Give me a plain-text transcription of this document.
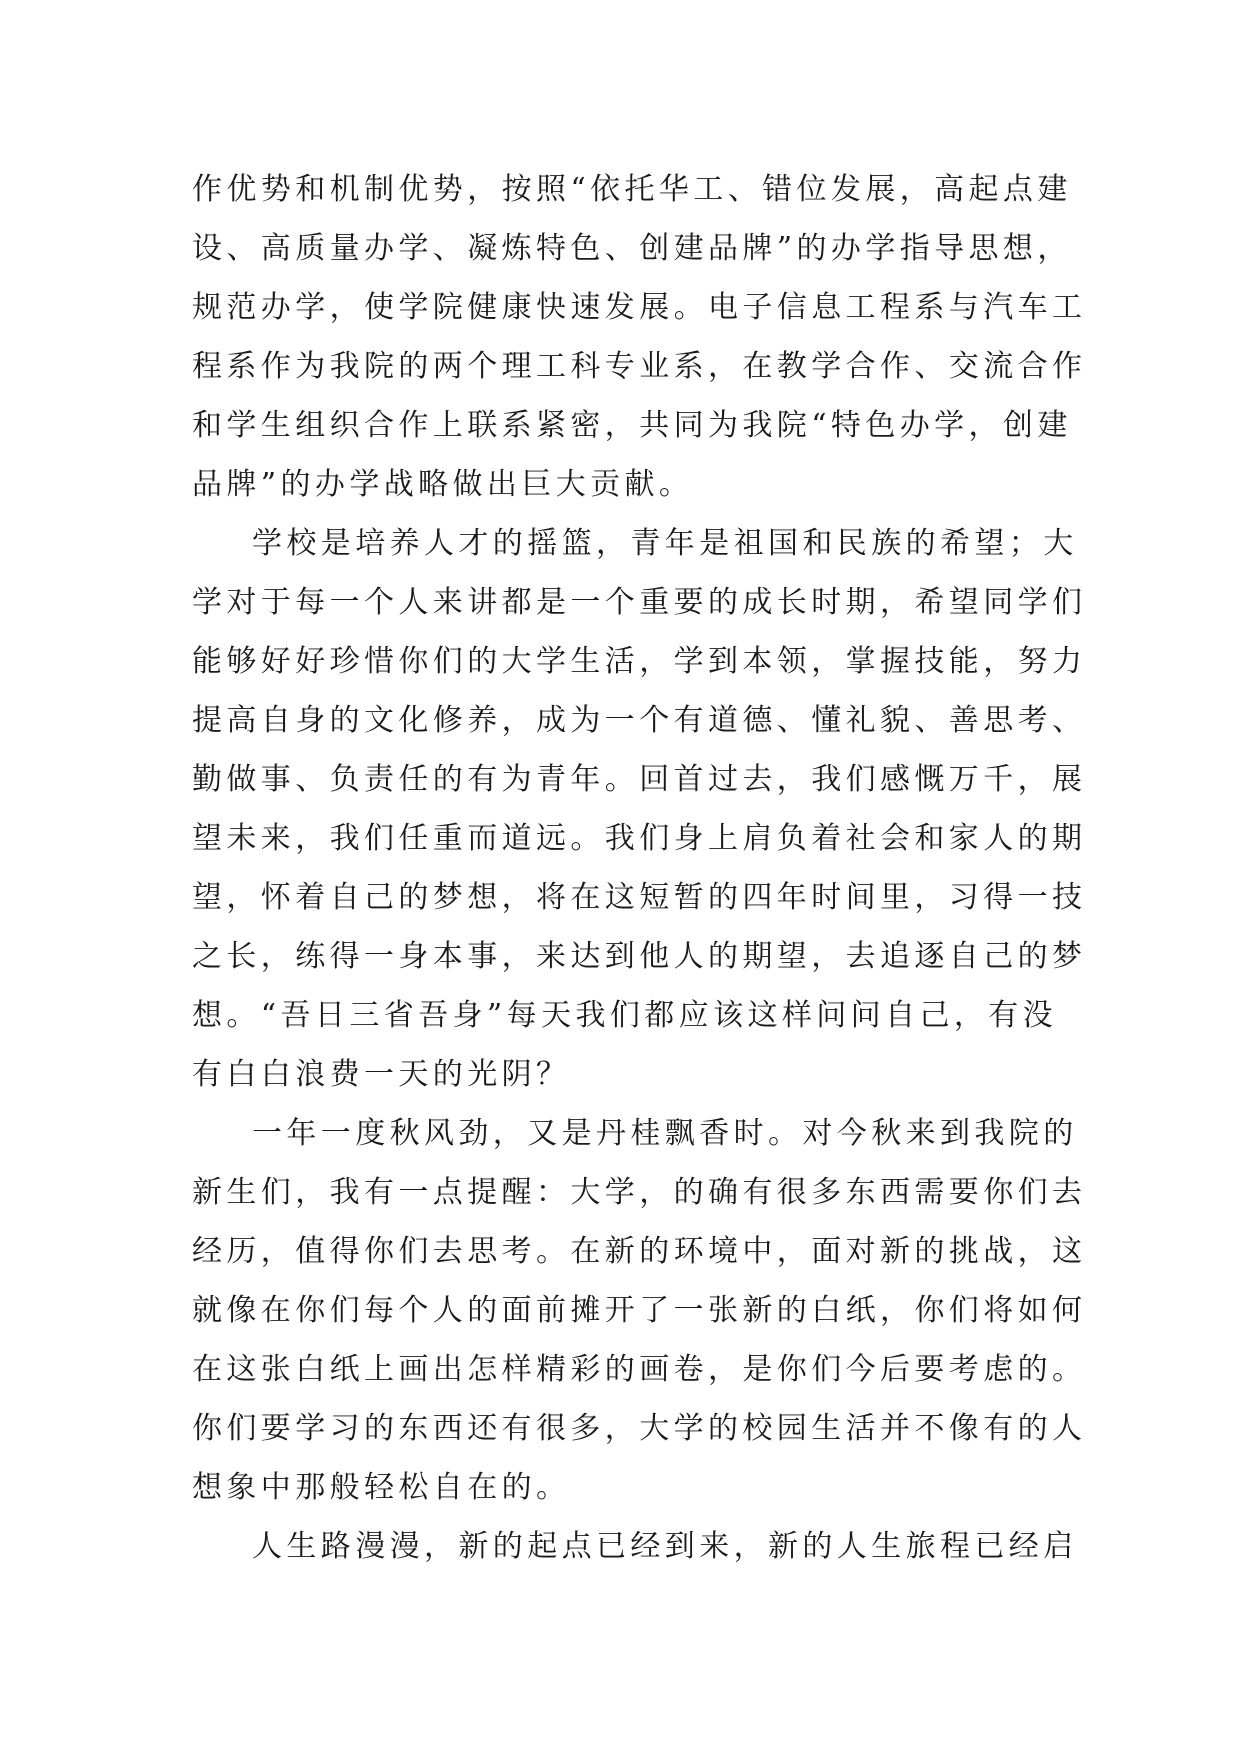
作优势和机制优势，按照“依托华工、错位发展，高起点建
设、高质量办学、凝炼特色、创建品牌”的办学指导思想，
规范办学，使学院健康快速发展。电子信息工程系与汽车工
程系作为我院的两个理工科专业系，在教学合作、交流合作
和学生组织合作上联系紧密，共同为我院“特色办学，创建
品牌”的办学战略做出巨大贡献。
学校是培养人才的摇篮，青年是祖国和民族的希望；大
学对于每一个人来讲都是一个重要的成长时期，希望同学们
能够好好珍惜你们的大学生活，学到本领，掌握技能，努力
提高自身的文化修养，成为一个有道德、懂礼貌、善思考、
勤做事、负责任的有为青年。回首过去，我们感慨万千，展
望未来，我们任重而道远。我们身上肩负着社会和家人的期
望，怀着自己的梦想，将在这短暂的四年时间里，习得一技
之长，练得一身本事，来达到他人的期望，去追逐自己的梦
想。“吾日三省吾身”每天我们都应该这样问问自己，有没
有白白浪费一天的光阴？
一年一度秋风劲，又是丹桂飘香时。对今秋来到我院的
新生们，我有一点提醒：大学，的确有很多东西需要你们去
经历，值得你们去思考。在新的环境中，面对新的挑战，这
就像在你们每个人的面前摊开了一张新的白纸，你们将如何
在这张白纸上画出怎样精彩的画卷，是你们今后要考虑的。
你们要学习的东西还有很多，大学的校园生活并不像有的人
想象中那般轻松自在的。
人生路漫漫，新的起点已经到来，新的人生旅程已经启
